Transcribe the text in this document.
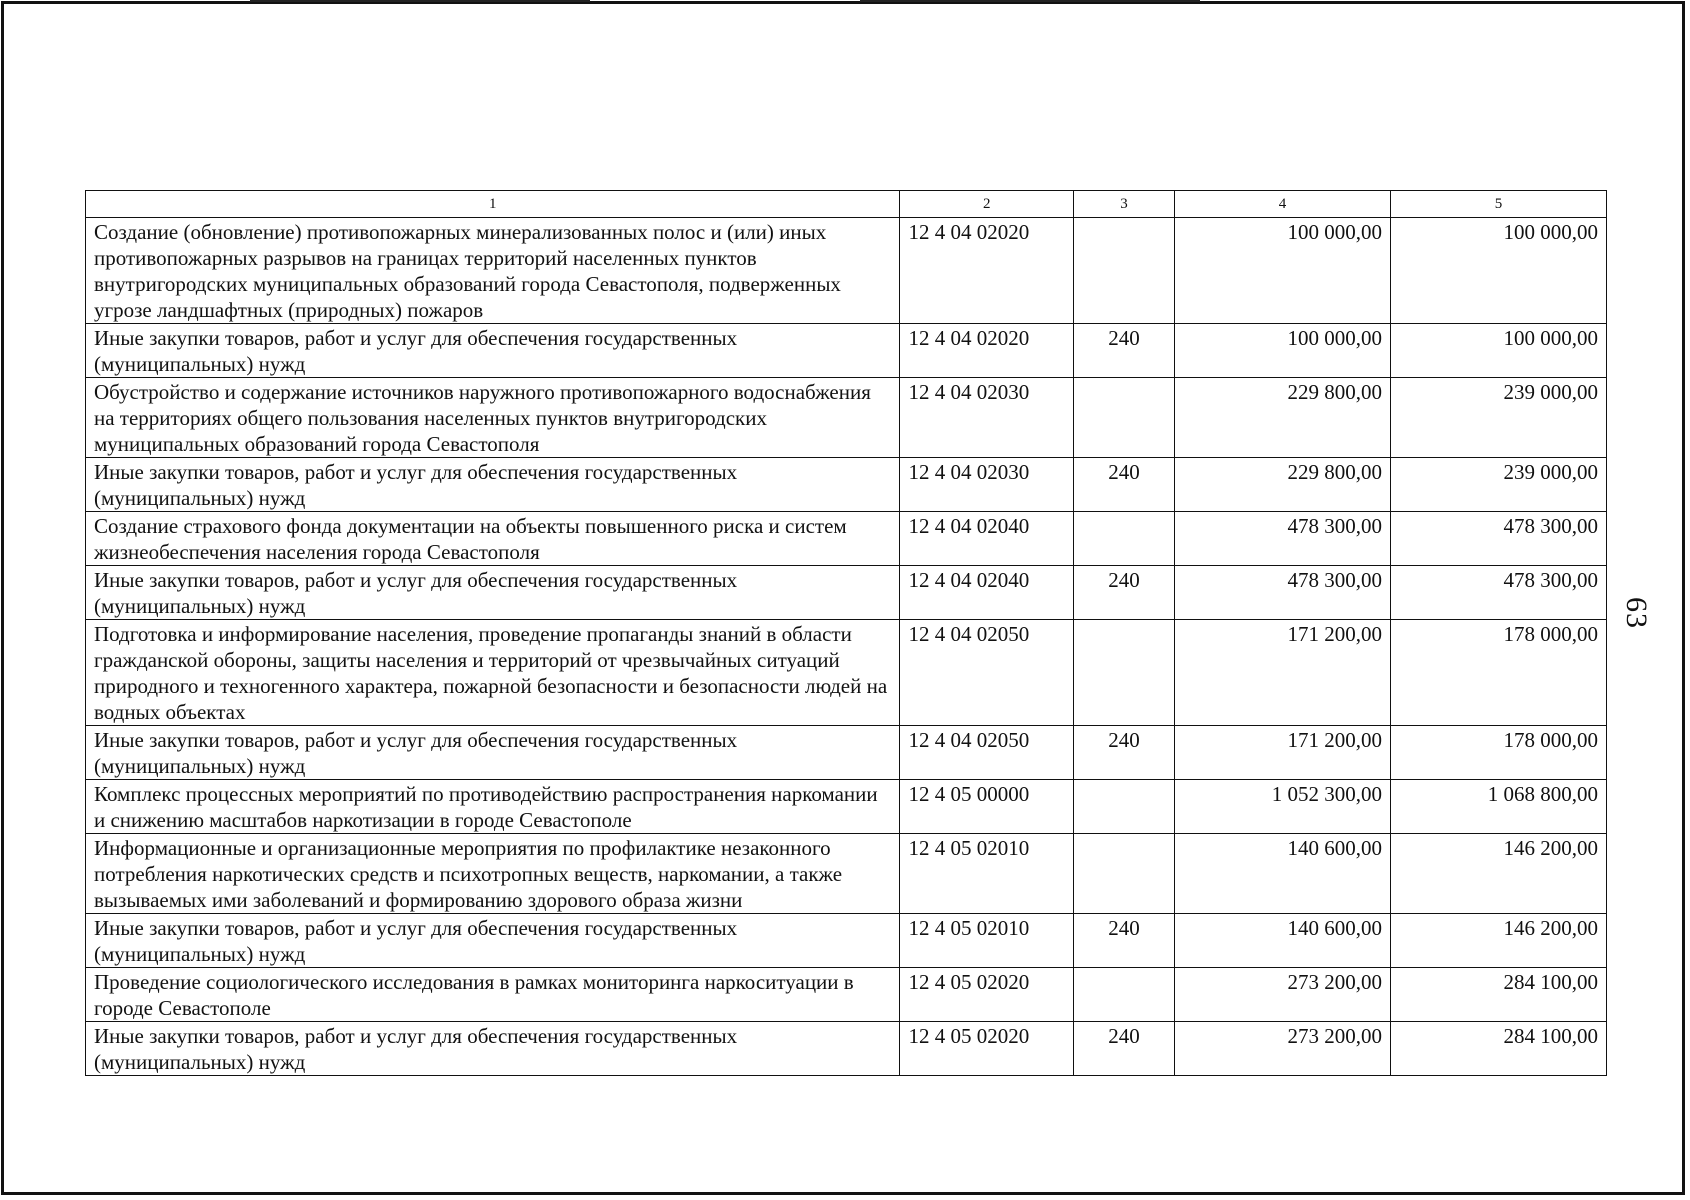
63
1	2	3	4	5
Создание (обновление) противопожарных минерализованных полос и (или) иных противопожарных разрывов на границах территорий населенных пунктов внутригородских муниципальных образований города Севастополя, подверженных угрозе ландшафтных (природных) пожаров	12 4 04 02020		100 000,00	100 000,00
Иные закупки товаров, работ и услуг для обеспечения государственных (муниципальных) нужд	12 4 04 02020	240	100 000,00	100 000,00
Обустройство и содержание источников наружного противопожарного водоснабжения на территориях общего пользования населенных пунктов внутригородских муниципальных образований города Севастополя	12 4 04 02030		229 800,00	239 000,00
Иные закупки товаров, работ и услуг для обеспечения государственных (муниципальных) нужд	12 4 04 02030	240	229 800,00	239 000,00
Создание страхового фонда документации на объекты повышенного риска и систем жизнеобеспечения населения города Севастополя	12 4 04 02040		478 300,00	478 300,00
Иные закупки товаров, работ и услуг для обеспечения государственных (муниципальных) нужд	12 4 04 02040	240	478 300,00	478 300,00
Подготовка и информирование населения, проведение пропаганды знаний в области гражданской обороны, защиты населения и территорий от чрезвычайных ситуаций природного и техногенного характера, пожарной безопасности и безопасности людей на водных объектах	12 4 04 02050		171 200,00	178 000,00
Иные закупки товаров, работ и услуг для обеспечения государственных (муниципальных) нужд	12 4 04 02050	240	171 200,00	178 000,00
Комплекс процессных мероприятий по противодействию распространения наркомании и снижению масштабов наркотизации в городе Севастополе	12 4 05 00000		1 052 300,00	1 068 800,00
Информационные и организационные мероприятия по профилактике незаконного потребления наркотических средств и психотропных веществ, наркомании, а также вызываемых ими заболеваний и формированию здорового образа жизни	12 4 05 02010		140 600,00	146 200,00
Иные закупки товаров, работ и услуг для обеспечения государственных (муниципальных) нужд	12 4 05 02010	240	140 600,00	146 200,00
Проведение социологического исследования в рамках мониторинга наркоситуации в городе Севастополе	12 4 05 02020		273 200,00	284 100,00
Иные закупки товаров, работ и услуг для обеспечения государственных (муниципальных) нужд	12 4 05 02020	240	273 200,00	284 100,00
